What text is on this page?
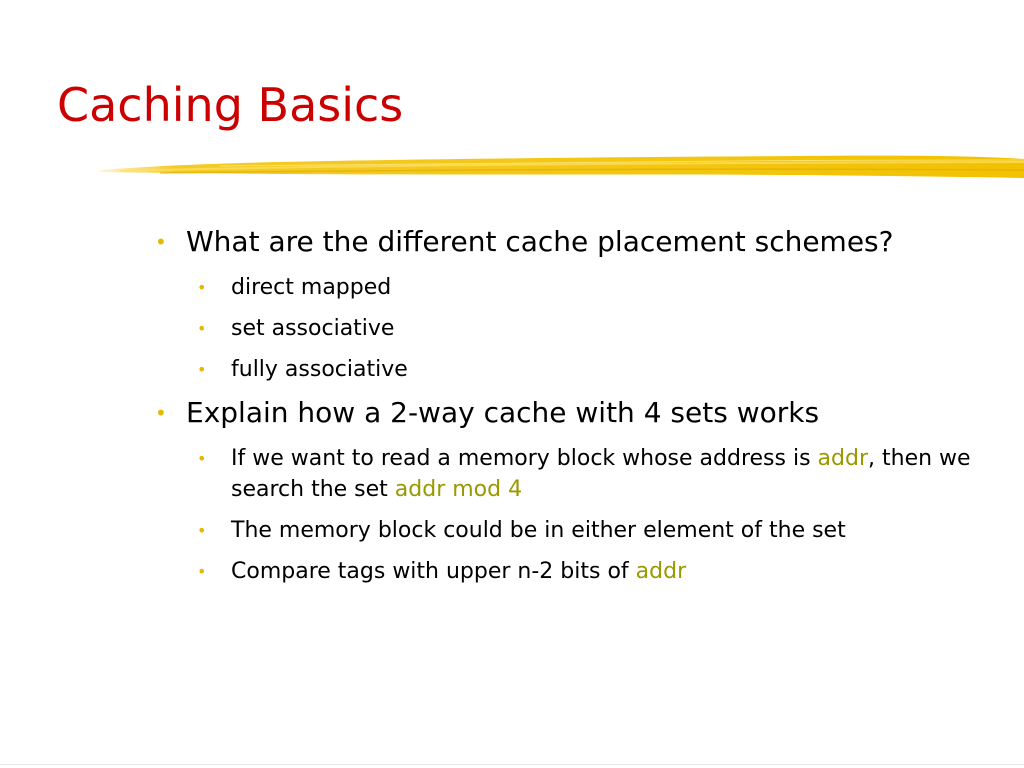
Caching Basics
• What are the different cache placement schemes?
• direct mapped
• set associative
• fully associative
• Explain how a 2-way cache with 4 sets works
• If we want to read a memory block whose address is addr, then we search the set addr mod 4
• The memory block could be in either element of the set
• Compare tags with upper n-2 bits of addr
